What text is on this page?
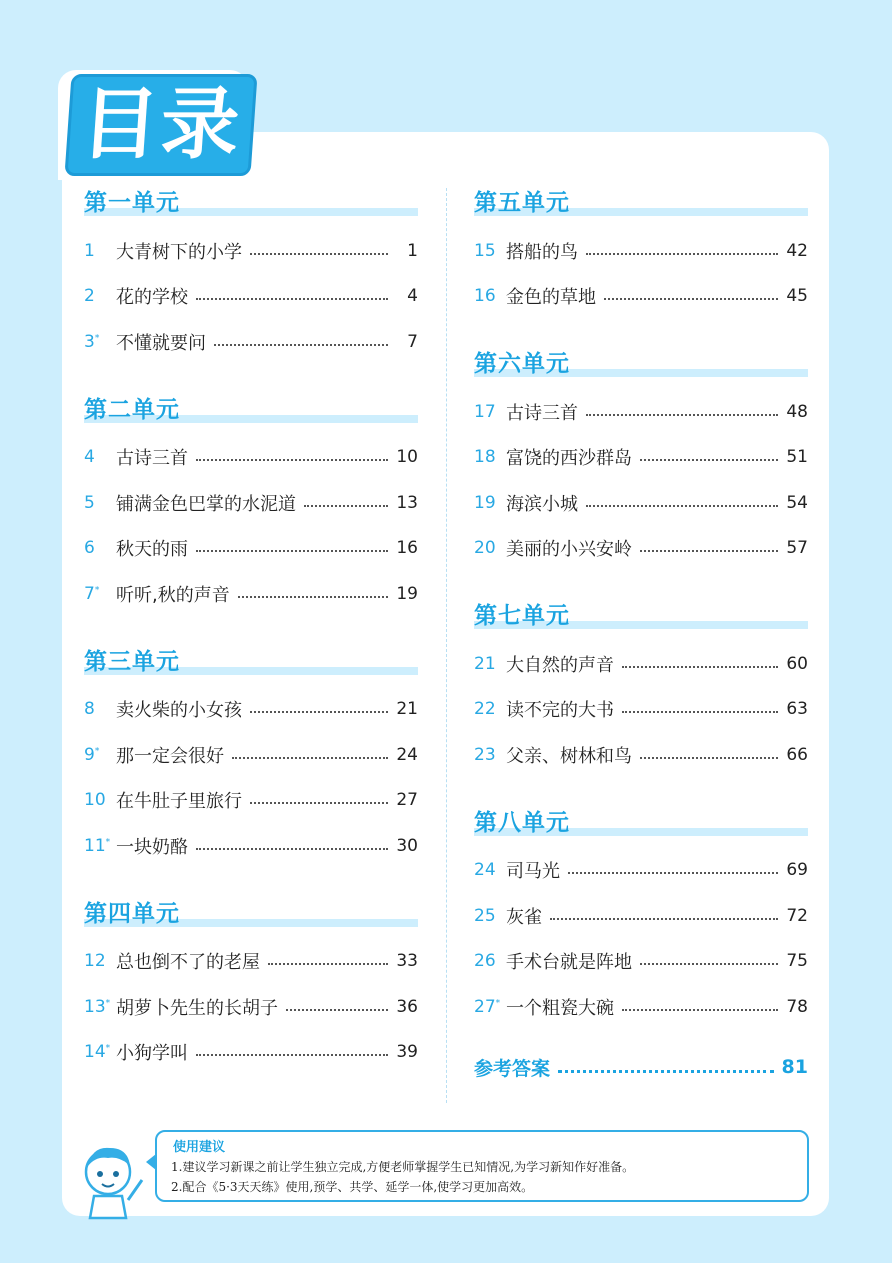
目录
第一单元
1	大青树下的小学	1
2	花的学校	4
3* 不懂就要问	7
第二单元
4	古诗三首	10
5	铺满金色巴掌的水泥道	13
6	秋天的雨	16
7* 听听,秋的声音	19
第三单元
8	卖火柴的小女孩	21
9* 那一定会很好	24
10 在牛肚子里旅行	27
11* 一块奶酪	30
第四单元
12 总也倒不了的老屋	33
13* 胡萝卜先生的长胡子	36
14* 小狗学叫	39
第五单元
15 搭船的鸟	42
16 金色的草地	45
第六单元
17 古诗三首	48
18 富饶的西沙群岛	51
19 海滨小城	54
20 美丽的小兴安岭	57
第七单元
21 大自然的声音	60
22 读不完的大书	63
23 父亲、树林和鸟	66
第八单元
24 司马光	69
25 灰雀	72
26 手术台就是阵地	75
27* 一个粗瓷大碗	78
参考答案	81
使用建议
1.建议学习新课之前让学生独立完成,方便老师掌握学生已知情况,为学习新知作好准备。
2.配合《5·3天天练》使用,预学、共学、延学一体,使学习更加高效。
